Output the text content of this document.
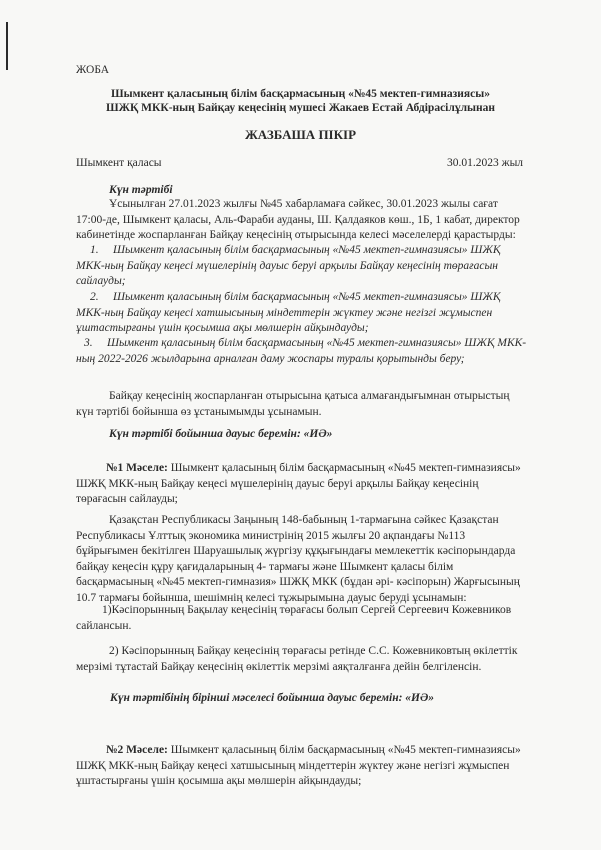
ЖОБА
Шымкент қаласының білім басқармасының «№45 мектеп-гимназиясы»
ШЖҚ МКК-ның Байқау кеңесінің мушесі Жакаев Естай Абдірасілұлынан
ЖАЗБАША ПІКІР
Шымкент қаласы	30.01.2023 жыл
Күн тәртібі
Ұсынылған 27.01.2023 жылғы №45 хабарламаға сәйкес, 30.01.2023 жылы сағат
17:00-де, Шымкент қаласы, Аль-Фараби ауданы, Ш. Қалдаяков көш., 1Б, 1 кабат, директор
кабинетінде жоспарланған Байқау кеңесінің отырысында келесі мәселелерді қарастырды:
1. Шымкент қаласының білім басқармасының «№45 мектеп-гимназиясы» ШЖҚ
МКК-ның Байқау кеңесі мүшелерінің дауыс беруі арқылы Байқау кеңесінің төрағасын
сайлауды;
2. Шымкент қаласының білім басқармасының «№45 мектеп-гимназиясы» ШЖҚ
МКК-ның Байқау кеңесі хатшысының міндеттерін жүктеу және негізгі жұмыспен
ұштастырғаны үшін қосымша ақы мөлшерін айқындауды;
3. Шымкент қаласының білім басқармасының «№45 мектеп-гимназиясы» ШЖҚ МКК-
ның 2022-2026 жылдарына арналған даму жоспары туралы қорытынды беру;
Байқау кеңесінің жоспарланған отырысына қатыса алмағандығымнан отырыстың
күн тәртібі бойынша өз ұстанымымды ұсынамын.
Күн тәртібі бойынша дауыс беремін: «ИӘ»
№1 Мәселе: Шымкент қаласының білім басқармасының «№45 мектеп-гимназиясы»
ШЖҚ МКК-ның Байқау кеңесі мүшелерінің дауыс беруі арқылы Байқау кеңесінің
төрағасын сайлауды;
Қазақстан Республикасы Заңының 148-бабының 1-тармағына сәйкес Қазақстан
Республикасы Ұлттық экономика министрінің 2015 жылғы 20 ақпандағы №113
бұйрығымен бекітілген Шаруашылық жүргізу құқығындағы мемлекеттік кәсіпорындарда
байқау кеңесін құру қағидаларының 4- тармағы және Шымкент қаласы білім
басқармасының «№45 мектеп-гимназия» ШЖҚ МКК (бұдан әрі- кәсіпорын) Жарғысының
10.7 тармағы бойынша, шешімнің келесі тұжырымына дауыс беруді ұсынамын:
1)Кәсіпорынның Бақылау кеңесінің төрағасы болып Сергей Сергеевич Кожевников
сайлансын.
2) Кәсіпорынның Байқау кеңесінің төрағасы ретінде С.С. Кожевниковтың өкілеттік
мерзімі тұтастай Байқау кеңесінің өкілеттік мерзімі аяқталғанға дейін белгіленсін.
Күн тәртібінің бірінші мәселесі бойынша дауыс беремін: «ИӘ»
№2 Мәселе: Шымкент қаласының білім басқармасының «№45 мектеп-гимназиясы»
ШЖҚ МКК-ның Байқау кеңесі хатшысының міндеттерін жүктеу және негізгі жұмыспен
ұштастырғаны үшін қосымша ақы мөлшерін айқындауды;
